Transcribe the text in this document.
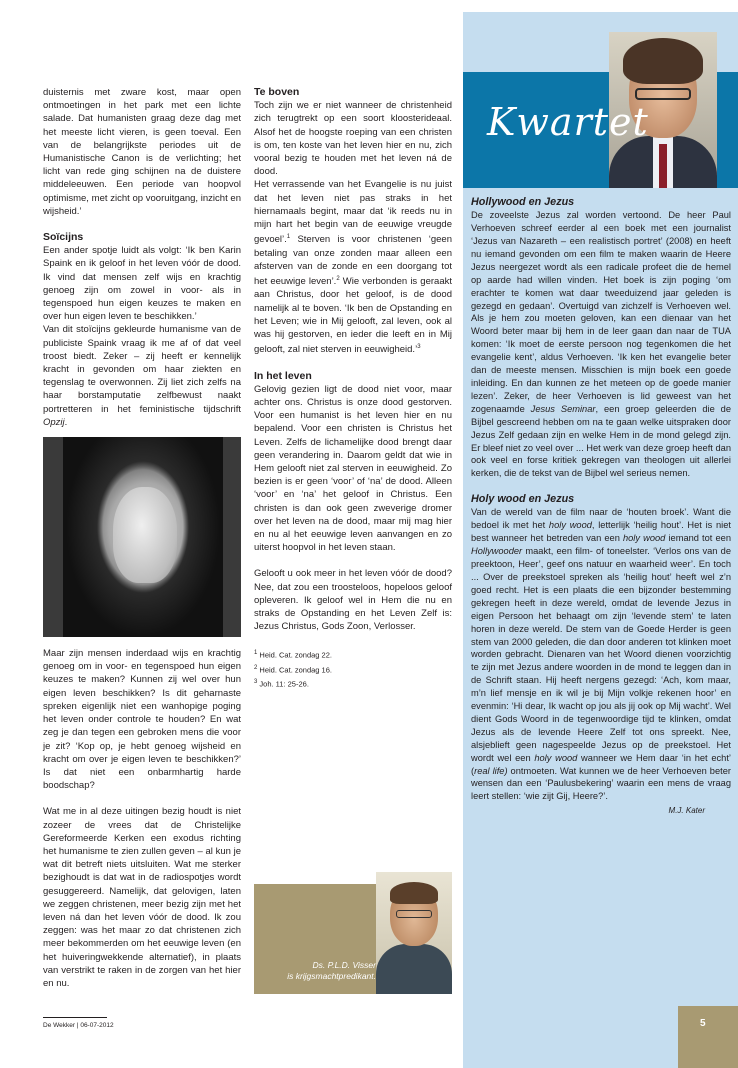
duisternis met zware kost, maar open ontmoetingen in het park met een lichte salade. Dat humanisten graag deze dag met het meeste licht vieren, is geen toeval. Een van de belangrijkste periodes uit de Humanistische Canon is de verlichting; het licht van rede ging schijnen na de duistere middeleeuwen. Een periode van hoopvol optimisme, met zicht op vooruitgang, inzicht en wijsheid.’

Soïcijns

Een ander spotje luidt als volgt: ‘Ik ben Karin Spaink en ik geloof in het leven vóór de dood. Ik vind dat mensen zelf wijs en krachtig genoeg zijn om zowel in voor- als in tegenspoed hun eigen keuzes te maken en over hun eigen leven te beschikken.’

Van dit stoïcijns gekleurde humanisme van de publiciste Spaink vraag ik me af of dat veel troost biedt. Zeker – zij heeft er kennelijk kracht in gevonden om haar ziekten en tegenslag te overwonnen. Zij liet zich zelfs na haar borstamputatie zelfbewust naakt portretteren in het feministische tijdschrift Opzij.

Maar zijn mensen inderdaad wijs en krachtig genoeg om in voor- en tegenspoed hun eigen keuzes te maken? Kunnen zij wel over hun eigen leven beschikken? Is dit geharnaste spreken eigenlijk niet een wanhopige poging het leven onder controle te houden? En wat zeg je dan tegen een gebroken mens die voor je zit? ‘Kop op, je hebt genoeg wijsheid en kracht om over je eigen leven te beschikken?’ Is dat niet een onbarmhartig harde boodschap?

Wat me in al deze uitingen bezig houdt is niet zozeer de vrees dat de Christelijke Gereformeerde Kerken een exodus richting het humanisme te zien zullen geven – al kun je wat dit betreft niets uitsluiten. Wat me sterker bezighoudt is dat wat in de radiospotjes wordt gesuggereerd. Namelijk, dat gelovigen, laten we zeggen christenen, meer bezig zijn met het leven ná dan het leven vóór de dood. Ik zou zeggen: was het maar zo dat christenen zich meer bekommerden om het eeuwige leven (en het huiveringwekkende alternatief), in plaats van verstrikt te raken in de zorgen van het hier en nu.

Te boven

Toch zijn we er niet wanneer de christenheid zich terugtrekt op een soort kloosterideaal. Alsof het de hoogste roeping van een christen is om, ten koste van het leven hier en nu, zich vooral bezig te houden met het leven ná de dood.

Het verrassende van het Evangelie is nu juist dat het leven niet pas straks in het hiernamaals begint, maar dat ‘ik reeds nu in mijn hart het begin van de eeuwige vreugde gevoel’.$^1$ Sterven is voor christenen ‘geen betaling van onze zonden maar alleen een afsterven van de zonde en een doorgang tot het eeuwige leven’.$^2$ Wie verbonden is geraakt aan Christus, door het geloof, is de dood namelijk al te boven. ‘Ik ben de Opstanding en het Leven; wie in Mij gelooft, zal leven, ook al was hij gestorven, en ieder die leeft en in Mij gelooft, zal niet sterven in eeuwigheid.’$^3$

In het leven

Gelovig gezien ligt de dood niet voor, maar achter ons. Christus is onze dood gestorven. Voor een humanist is het leven hier en nu bepalend. Voor een christen is Christus het Leven. Zelfs de lichamelijke dood brengt daar geen verandering in. Daarom geldt dat wie in Hem gelooft niet zal sterven in eeuwigheid. Zo bezien is er geen ‘voor’ of ‘na’ de dood. Alleen ‘voor’ en ‘na’ het geloof in Christus. Een christen is dan ook geen zweverige dromer over het leven na de dood, maar mij mag hier en nu al het eeuwige leven aanvangen en zo uiterst hoopvol in het leven staan.

Gelooft u ook meer in het leven vóór de dood? Nee, dat zou een troosteloos, hopeloos geloof opleveren. Ik geloof wel in Hem die nu en straks de Opstanding en het Leven Zelf is: Jezus Christus, Gods Zoon, Verlosser.

$^1$ Heid. Cat. zondag 22.
$^2$ Heid. Cat. zondag 16.
$^3$ Joh. 11: 25-26.
Ds. P.L.D. Visser
is krijgsmachtpredikant.
Kwartet
Hollywood en Jezus

De zoveelste Jezus zal worden vertoond. De heer Paul Verhoeven schreef eerder al een boek met een journalist ‘Jezus van Nazareth – een realistisch portret’ (2008) en heeft nu iemand gevonden om een film te maken waarin de Heere Jezus neergezet wordt als een radicale profeet die de hemel op aarde had willen vinden. Het boek is zijn poging ‘om erachter te komen wat daar tweeduizend jaar geleden is gezegd en gedaan’. Overtuigd van zichzelf is Verhoeven wel. Als je hem zou moeten geloven, kan een dienaar van het Woord beter maar bij hem in de leer gaan dan naar de TUA komen: ‘Ik moet de eerste persoon nog tegenkomen die het evangelie kent’, aldus Verhoeven. ‘Ik ken het evangelie beter dan de meeste mensen. Misschien is mijn boek een goede inleiding. En dan kunnen ze het meteen op de goede manier lezen’. Zeker, de heer Verhoeven is lid geweest van het zogenaamde Jesus Seminar, een groep geleerden die de Bijbel gescreend hebben om na te gaan welke uitspraken door Jezus Zelf gedaan zijn en welke Hem in de mond gelegd zijn. Er bleef niet zo veel over ... Het werk van deze groep heeft dan ook veel en forse kritiek gekregen van theologen uit allerlei kerken, die de tekst van de Bijbel wel serieus nemen.

Holy wood en Jezus

Van de wereld van de film naar de ‘houten broek’. Want die bedoel ik met het holy wood, letterlijk ‘heilig hout’. Het is niet best wanneer het betreden van een holy wood iemand tot een Hollywooder maakt, een film- of toneelster. ‘Verlos ons van de preektoon, Heer’, geef ons natuur en waarheid weer’. En toch ... Over de preekstoel spreken als ‘heilig hout’ heeft wel z’n goed recht. Het is een plaats die een bijzonder bestemming gekregen heeft in deze wereld, omdat de levende Jezus in eigen Persoon het behaagt om zijn ‘levende stem’ te laten horen in deze wereld. De stem van de Goede Herder is geen stem van 2000 geleden, die dan door anderen tot klinken moet worden gebracht. Dienaren van het Woord dienen voorzichtig te zijn met Jezus andere woorden in de mond te leggen dan in de Schrift staan. Hij heeft nergens gezegd: ‘Ach, kom maar, m’n lief mensje en ik wil je bij Mijn volkje rekenen hoor’ en evenmin: ‘Hi dear, Ik wacht op jou als jij ook op Mij wacht’. Wel dient Gods Woord in de tegenwoordige tijd te klinken, omdat Jezus als de levende Heere Zelf tot ons spreekt. Nee, alsjeblieft geen nagespeelde Jezus op de preekstoel. Het wordt wel een holy wood wanneer we Hem daar ‘in het echt’ (real life) ontmoeten. Wat kunnen we de heer Verhoeven beter wensen dan een ‘Paulusbekering’ waarin een mens de vraag leert stellen: ‘wie zijt Gij, Heere?’.

M.J. Kater
De Wekker | 06-07-2012	5
